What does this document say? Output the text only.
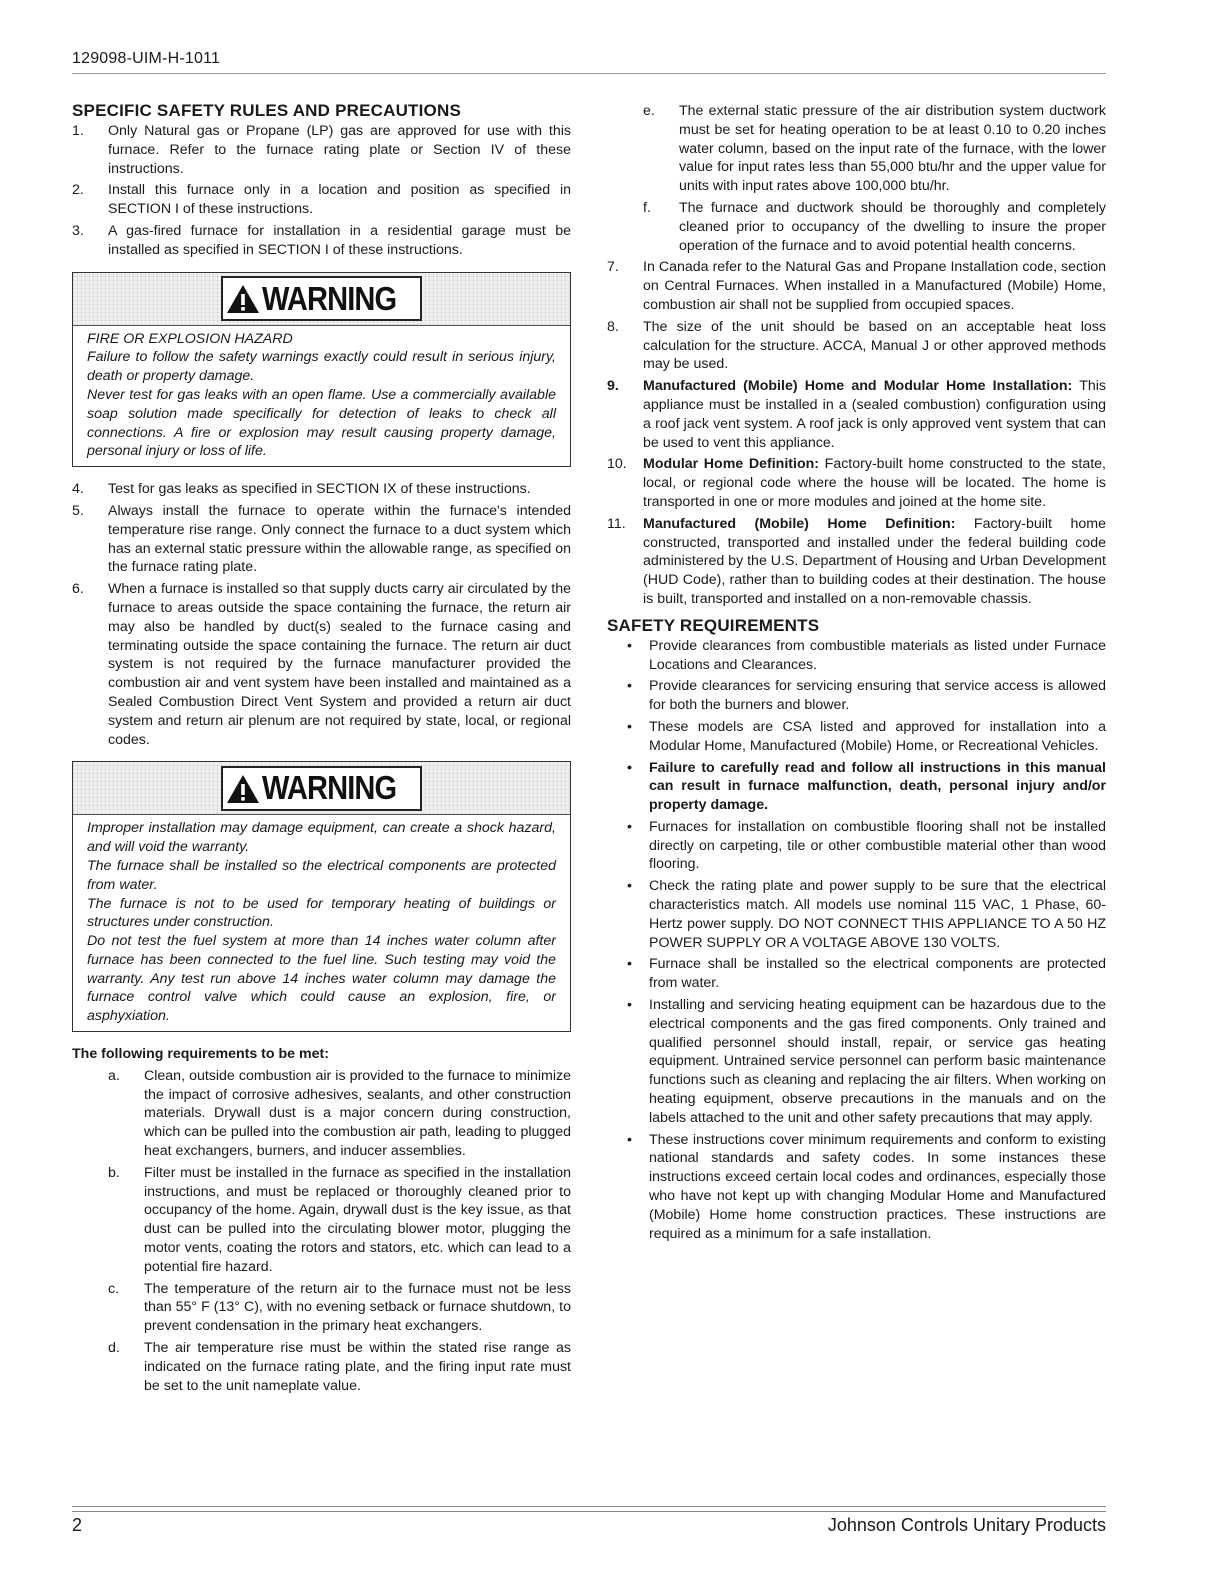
129098-UIM-H-1011
SPECIFIC SAFETY RULES AND PRECAUTIONS
1.	Only Natural gas or Propane (LP) gas are approved for use with this furnace. Refer to the furnace rating plate or Section IV of these instructions.
2.	Install this furnace only in a location and position as specified in SECTION I of these instructions.
3.	A gas-fired furnace for installation in a residential garage must be installed as specified in SECTION I of these instructions.
WARNING

FIRE OR EXPLOSION HAZARD

Failure to follow the safety warnings exactly could result in serious injury, death or property damage.

Never test for gas leaks with an open flame. Use a commercially available soap solution made specifically for detection of leaks to check all connections. A fire or explosion may result causing property damage, personal injury or loss of life.

4.	Test for gas leaks as specified in SECTION IX of these instructions.
5.	Always install the furnace to operate within the furnace's intended temperature rise range. Only connect the furnace to a duct system which has an external static pressure within the allowable range, as specified on the furnace rating plate.
6.	When a furnace is installed so that supply ducts carry air circulated by the furnace to areas outside the space containing the furnace, the return air may also be handled by duct(s) sealed to the furnace casing and terminating outside the space containing the furnace. The return air duct system is not required by the furnace manufacturer provided the combustion air and vent system have been installed and maintained as a Sealed Combustion Direct Vent System and provided a return air duct system and return air plenum are not required by state, local, or regional codes.
WARNING

Improper installation may damage equipment, can create a shock hazard, and will void the warranty.

The furnace shall be installed so the electrical components are protected from water.

The furnace is not to be used for temporary heating of buildings or structures under construction.

Do not test the fuel system at more than 14 inches water column after furnace has been connected to the fuel line. Such testing may void the warranty. Any test run above 14 inches water column may damage the furnace control valve which could cause an explosion, fire, or asphyxiation.

The following requirements to be met:
a.	Clean, outside combustion air is provided to the furnace to minimize the impact of corrosive adhesives, sealants, and other construction materials. Drywall dust is a major concern during construction, which can be pulled into the combustion air path, leading to plugged heat exchangers, burners, and inducer assemblies.
b.	Filter must be installed in the furnace as specified in the installation instructions, and must be replaced or thoroughly cleaned prior to occupancy of the home. Again, drywall dust is the key issue, as that dust can be pulled into the circulating blower motor, plugging the motor vents, coating the rotors and stators, etc. which can lead to a potential fire hazard.
c.	The temperature of the return air to the furnace must not be less than 55° F (13° C), with no evening setback or furnace shutdown, to prevent condensation in the primary heat exchangers.
d.	The air temperature rise must be within the stated rise range as indicated on the furnace rating plate, and the firing input rate must be set to the unit nameplate value.
e.	The external static pressure of the air distribution system ductwork must be set for heating operation to be at least 0.10 to 0.20 inches water column, based on the input rate of the furnace, with the lower value for input rates less than 55,000 btu/hr and the upper value for units with input rates above 100,000 btu/hr.
f.	The furnace and ductwork should be thoroughly and completely cleaned prior to occupancy of the dwelling to insure the proper operation of the furnace and to avoid potential health concerns.
7.	In Canada refer to the Natural Gas and Propane Installation code, section on Central Furnaces. When installed in a Manufactured (Mobile) Home, combustion air shall not be supplied from occupied spaces.
8.	The size of the unit should be based on an acceptable heat loss calculation for the structure. ACCA, Manual J or other approved methods may be used.
9.	Manufactured (Mobile) Home and Modular Home Installation: This appliance must be installed in a (sealed combustion) configuration using a roof jack vent system. A roof jack is only approved vent system that can be used to vent this appliance.
10.	Modular Home Definition: Factory-built home constructed to the state, local, or regional code where the house will be located. The home is transported in one or more modules and joined at the home site.
11.	Manufactured (Mobile) Home Definition: Factory-built home constructed, transported and installed under the federal building code administered by the U.S. Department of Housing and Urban Development (HUD Code), rather than to building codes at their destination. The house is built, transported and installed on a non-removable chassis.
SAFETY REQUIREMENTS
•	Provide clearances from combustible materials as listed under Furnace Locations and Clearances.
•	Provide clearances for servicing ensuring that service access is allowed for both the burners and blower.
•	These models are CSA listed and approved for installation into a Modular Home, Manufactured (Mobile) Home, or Recreational Vehicles.
•	Failure to carefully read and follow all instructions in this manual can result in furnace malfunction, death, personal injury and/or property damage.
•	Furnaces for installation on combustible flooring shall not be installed directly on carpeting, tile or other combustible material other than wood flooring.
•	Check the rating plate and power supply to be sure that the electrical characteristics match. All models use nominal 115 VAC, 1 Phase, 60-Hertz power supply. DO NOT CONNECT THIS APPLIANCE TO A 50 HZ POWER SUPPLY OR A VOLTAGE ABOVE 130 VOLTS.
•	Furnace shall be installed so the electrical components are protected from water.
•	Installing and servicing heating equipment can be hazardous due to the electrical components and the gas fired components. Only trained and qualified personnel should install, repair, or service gas heating equipment. Untrained service personnel can perform basic maintenance functions such as cleaning and replacing the air filters. When working on heating equipment, observe precautions in the manuals and on the labels attached to the unit and other safety precautions that may apply.
•	These instructions cover minimum requirements and conform to existing national standards and safety codes. In some instances these instructions exceed certain local codes and ordinances, especially those who have not kept up with changing Modular Home and Manufactured (Mobile) Home home construction practices. These instructions are required as a minimum for a safe installation.
2	Johnson Controls Unitary Products
